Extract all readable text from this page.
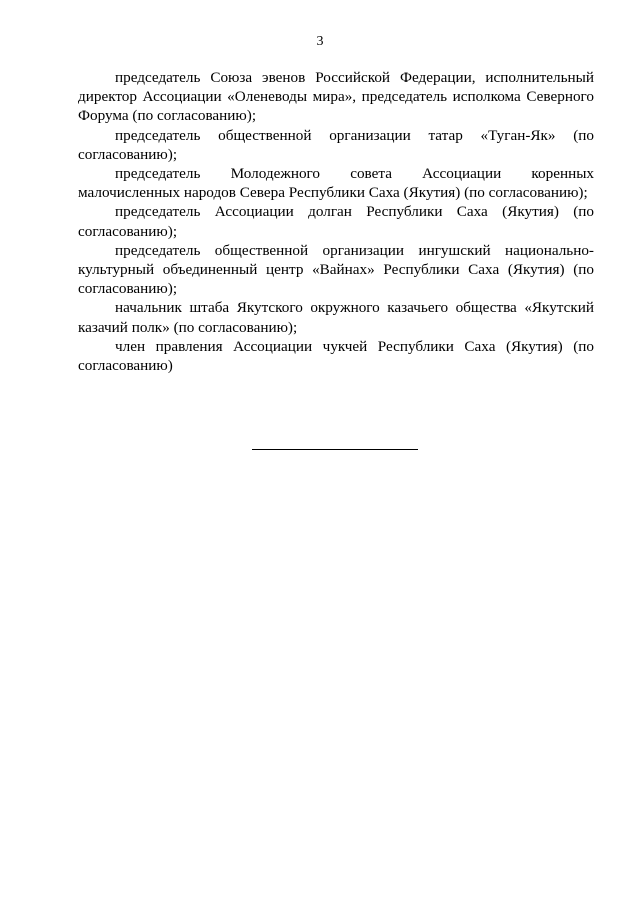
3

председатель Союза эвенов Российской Федерации, исполнительный директор Ассоциации «Оленеводы мира», председатель исполкома Северного Форума (по согласованию);

председатель общественной организации татар «Туган-Як» (по согласованию);

председатель Молодежного совета Ассоциации коренных малочисленных народов Севера Республики Саха (Якутия) (по согласованию);

председатель Ассоциации долган Республики Саха (Якутия) (по согласованию);

председатель общественной организации ингушский национально-культурный объединенный центр «Вайнах» Республики Саха (Якутия) (по согласованию);

начальник штаба Якутского окружного казачьего общества «Якутский казачий полк» (по согласованию);

член правления Ассоциации чукчей Республики Саха (Якутия) (по согласованию)
